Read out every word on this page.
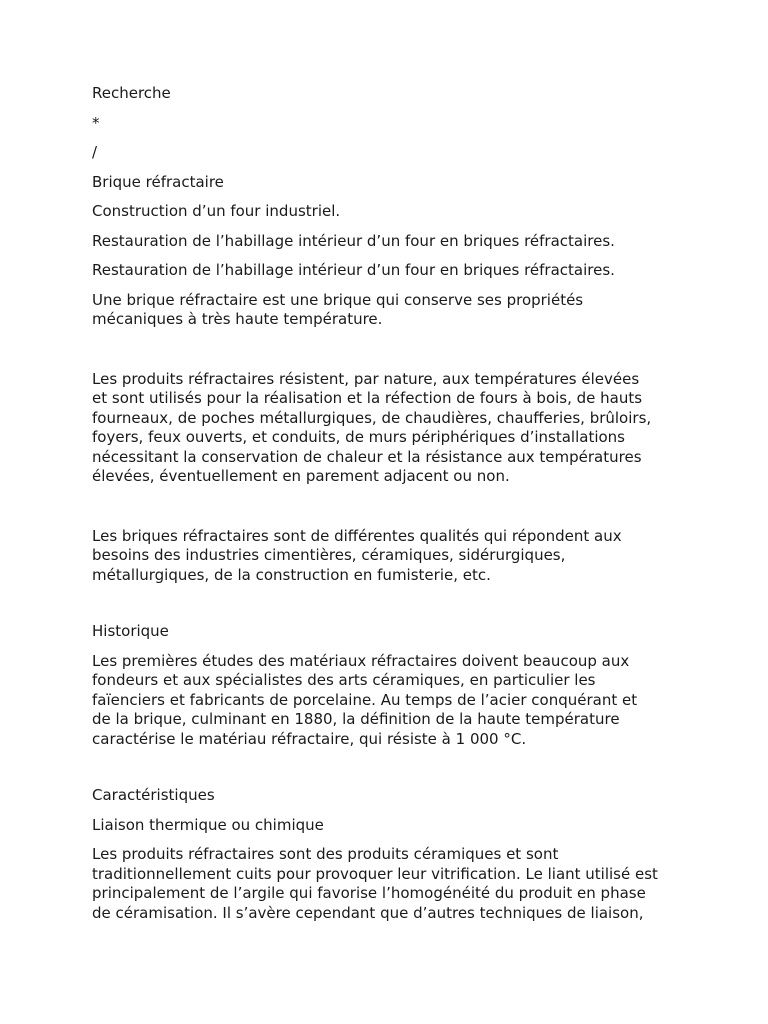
Recherche

*

/

Brique réfractaire

Construction d’un four industriel.

Restauration de l’habillage intérieur d’un four en briques réfractaires.

Restauration de l’habillage intérieur d’un four en briques réfractaires.

Une brique réfractaire est une brique qui conserve ses propriétés
mécaniques à très haute température.

Les produits réfractaires résistent, par nature, aux températures élevées
et sont utilisés pour la réalisation et la réfection de fours à bois, de hauts
fourneaux, de poches métallurgiques, de chaudières, chaufferies, brûloirs,
foyers, feux ouverts, et conduits, de murs périphériques d’installations
nécessitant la conservation de chaleur et la résistance aux températures
élevées, éventuellement en parement adjacent ou non.

Les briques réfractaires sont de différentes qualités qui répondent aux
besoins des industries cimentières, céramiques, sidérurgiques,
métallurgiques, de la construction en fumisterie, etc.

Historique

Les premières études des matériaux réfractaires doivent beaucoup aux
fondeurs et aux spécialistes des arts céramiques, en particulier les
faïenciers et fabricants de porcelaine. Au temps de l’acier conquérant et
de la brique, culminant en 1880, la définition de la haute température
caractérise le matériau réfractaire, qui résiste à 1 000 °C.

Caractéristiques

Liaison thermique ou chimique

Les produits réfractaires sont des produits céramiques et sont
traditionnellement cuits pour provoquer leur vitrification. Le liant utilisé est
principalement de l’argile qui favorise l’homogénéité du produit en phase
de céramisation. Il s’avère cependant que d’autres techniques de liaison,
